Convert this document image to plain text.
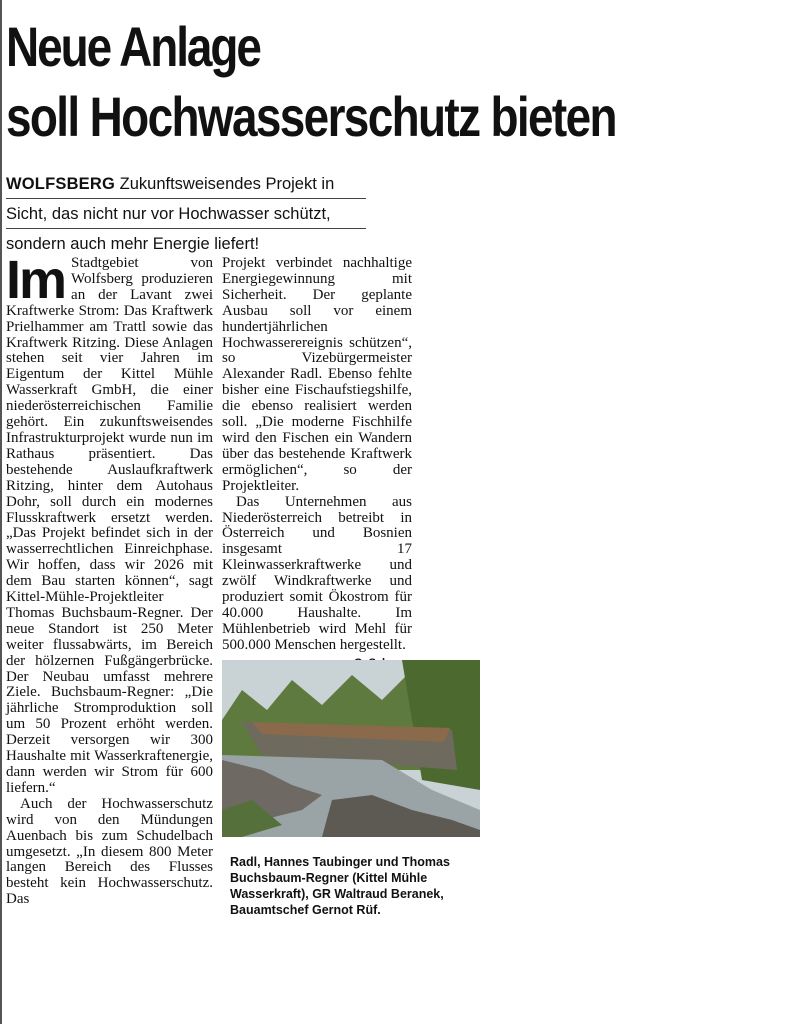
Neue Anlage
soll Hochwasserschutz bieten
WOLFSBERG Zukunftsweisendes Projekt in
Sicht, das nicht nur vor Hochwasser schützt,
sondern auch mehr Energie liefert!
Im Stadtgebiet von Wolfsberg produzieren an der Lavant zwei Kraftwerke Strom: Das Kraftwerk Prielhammer am Trattl sowie das Kraftwerk Ritzing. Diese Anlagen stehen seit vier Jahren im Eigentum der Kittel Mühle Wasserkraft GmbH, die einer niederösterreichischen Familie gehört. Ein zukunftsweisendes Infrastrukturprojekt wurde nun im Rathaus präsentiert. Das bestehende Auslaufkraftwerk Ritzing, hinter dem Autohaus Dohr, soll durch ein modernes Flusskraftwerk ersetzt werden. „Das Projekt befindet sich in der wasserrechtlichen Einreichphase. Wir hoffen, dass wir 2026 mit dem Bau starten können“, sagt Kittel-Mühle-Projektleiter Thomas Buchsbaum-Regner. Der neue Standort ist 250 Meter weiter flussabwärts, im Bereich der hölzernen Fußgängerbrücke. Der Neubau umfasst mehrere Ziele. Buchsbaum-Regner: „Die jährliche Stromproduktion soll um 50 Prozent erhöht werden. Derzeit versorgen wir 300 Haushalte mit Wasserkraftenergie, dann werden wir Strom für 600 liefern.“

Auch der Hochwasserschutz wird von den Mündungen Auenbach bis zum Schudelbach umgesetzt. „In diesem 800 Meter langen Bereich des Flusses besteht kein Hochwasserschutz. Das

Projekt verbindet nachhaltige Energiegewinnung mit Sicherheit. Der geplante Ausbau soll vor einem hundertjährlichen Hochwasserereignis schützen“, so Vizebürgermeister Alexander Radl. Ebenso fehlte bisher eine Fischaufstiegshilfe, die ebenso realisiert werden soll. „Die moderne Fischhilfe wird den Fischen ein Wandern über das bestehende Kraftwerk ermöglichen“, so der Projektleiter.

Das Unternehmen aus Niederösterreich betreibt in Österreich und Bosnien insgesamt 17 Kleinwasserkraftwerke und zwölf Windkraftwerke und produziert somit Ökostrom für 40.000 Haushalte. Im Mühlenbetrieb wird Mehl für 500.000 Menschen hergestellt.

Radl, Hannes Taubinger und Thomas Buchsbaum-Regner (Kittel Mühle Wasserkraft), GR Waltraud Beranek, Bauamtschef Gernot Rüf.
